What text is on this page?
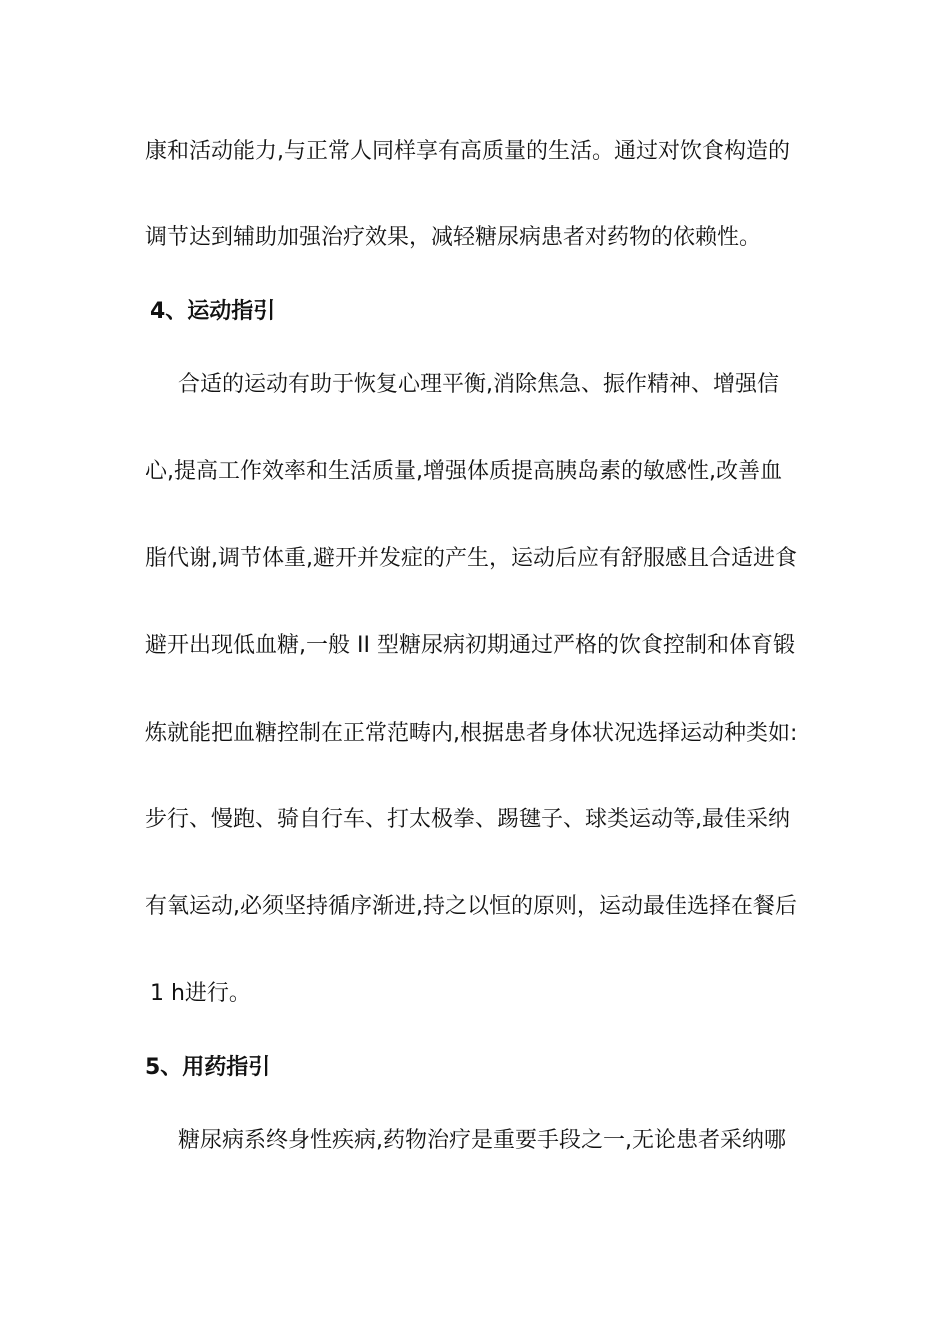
康和活动能力,与正常人同样享有高质量的生活。通过对饮食构造的
调节达到辅助加强治疗效果，减轻糖尿病患者对药物的依赖性。
4、运动指引
合适的运动有助于恢复心理平衡,消除焦急、振作精神、增强信
心,提高工作效率和生活质量,增强体质提高胰岛素的敏感性,改善血
脂代谢,调节体重,避开并发症的产生，运动后应有舒服感且合适进食
避开出现低血糖,一般 II 型糖尿病初期通过严格的饮食控制和体育锻
炼就能把血糖控制在正常范畴内,根据患者身体状况选择运动种类如:
步行、慢跑、骑自行车、打太极拳、踢毽子、球类运动等,最佳采纳
有氧运动,必须坚持循序渐进,持之以恒的原则，运动最佳选择在餐后
1 h进行。
5、用药指引
糖尿病系终身性疾病,药物治疗是重要手段之一,无论患者采纳哪
